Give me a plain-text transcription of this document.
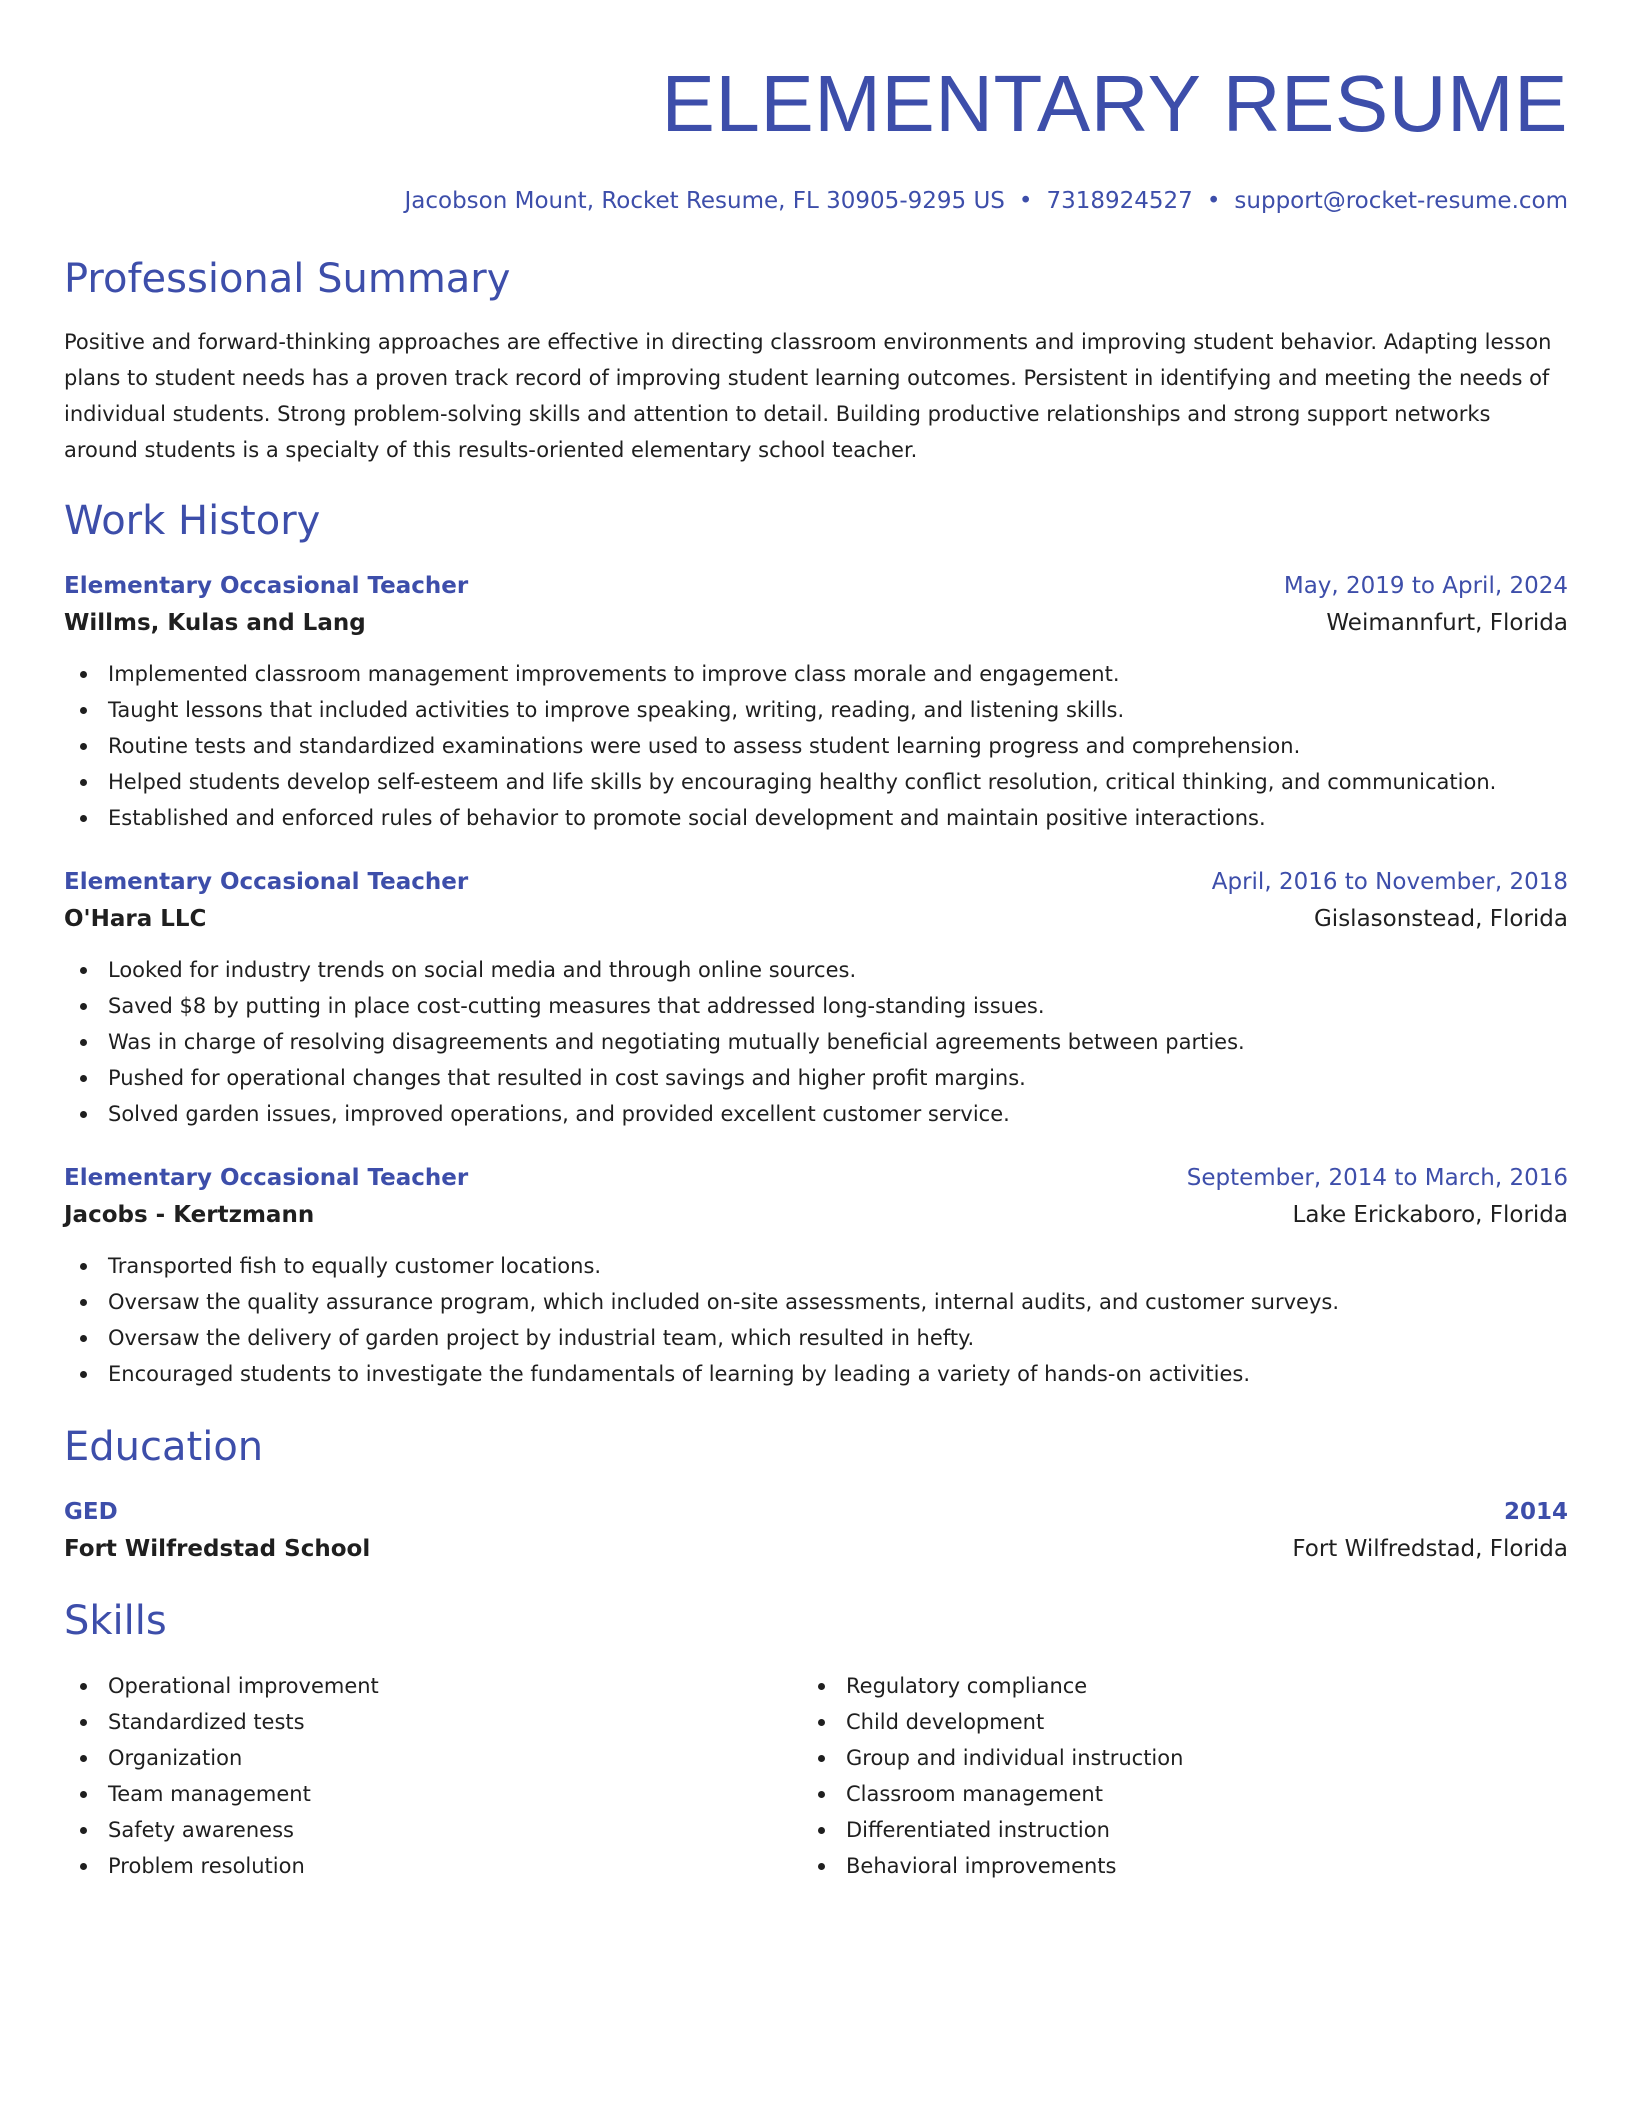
ELEMENTARY RESUME
Jacobson Mount, Rocket Resume, FL 30905-9295 US • 7318924527 • support@rocket-resume.com
Professional Summary

Positive and forward-thinking approaches are effective in directing classroom environments and improving student behavior. Adapting lesson plans to student needs has a proven track record of improving student learning outcomes. Persistent in identifying and meeting the needs of individual students. Strong problem-solving skills and attention to detail. Building productive relationships and strong support networks around students is a specialty of this results-oriented elementary school teacher.

Work History
Elementary Occasional Teacher	May, 2019 to April, 2024
Willms, Kulas and Lang	Weimannfurt, Florida
Implemented classroom management improvements to improve class morale and engagement.
Taught lessons that included activities to improve speaking, writing, reading, and listening skills.
Routine tests and standardized examinations were used to assess student learning progress and comprehension.
Helped students develop self-esteem and life skills by encouraging healthy conflict resolution, critical thinking, and communication.
Established and enforced rules of behavior to promote social development and maintain positive interactions.
Elementary Occasional Teacher	April, 2016 to November, 2018
O'Hara LLC	Gislasonstead, Florida
Looked for industry trends on social media and through online sources.
Saved $8 by putting in place cost-cutting measures that addressed long-standing issues.
Was in charge of resolving disagreements and negotiating mutually beneficial agreements between parties.
Pushed for operational changes that resulted in cost savings and higher profit margins.
Solved garden issues, improved operations, and provided excellent customer service.
Elementary Occasional Teacher	September, 2014 to March, 2016
Jacobs - Kertzmann	Lake Erickaboro, Florida
Transported fish to equally customer locations.
Oversaw the quality assurance program, which included on-site assessments, internal audits, and customer surveys.
Oversaw the delivery of garden project by industrial team, which resulted in hefty.
Encouraged students to investigate the fundamentals of learning by leading a variety of hands-on activities.
Education
GED	2014
Fort Wilfredstad School	Fort Wilfredstad, Florida
Skills
Operational improvement
Standardized tests
Organization
Team management
Safety awareness
Problem resolution
Regulatory compliance
Child development
Group and individual instruction
Classroom management
Differentiated instruction
Behavioral improvements
